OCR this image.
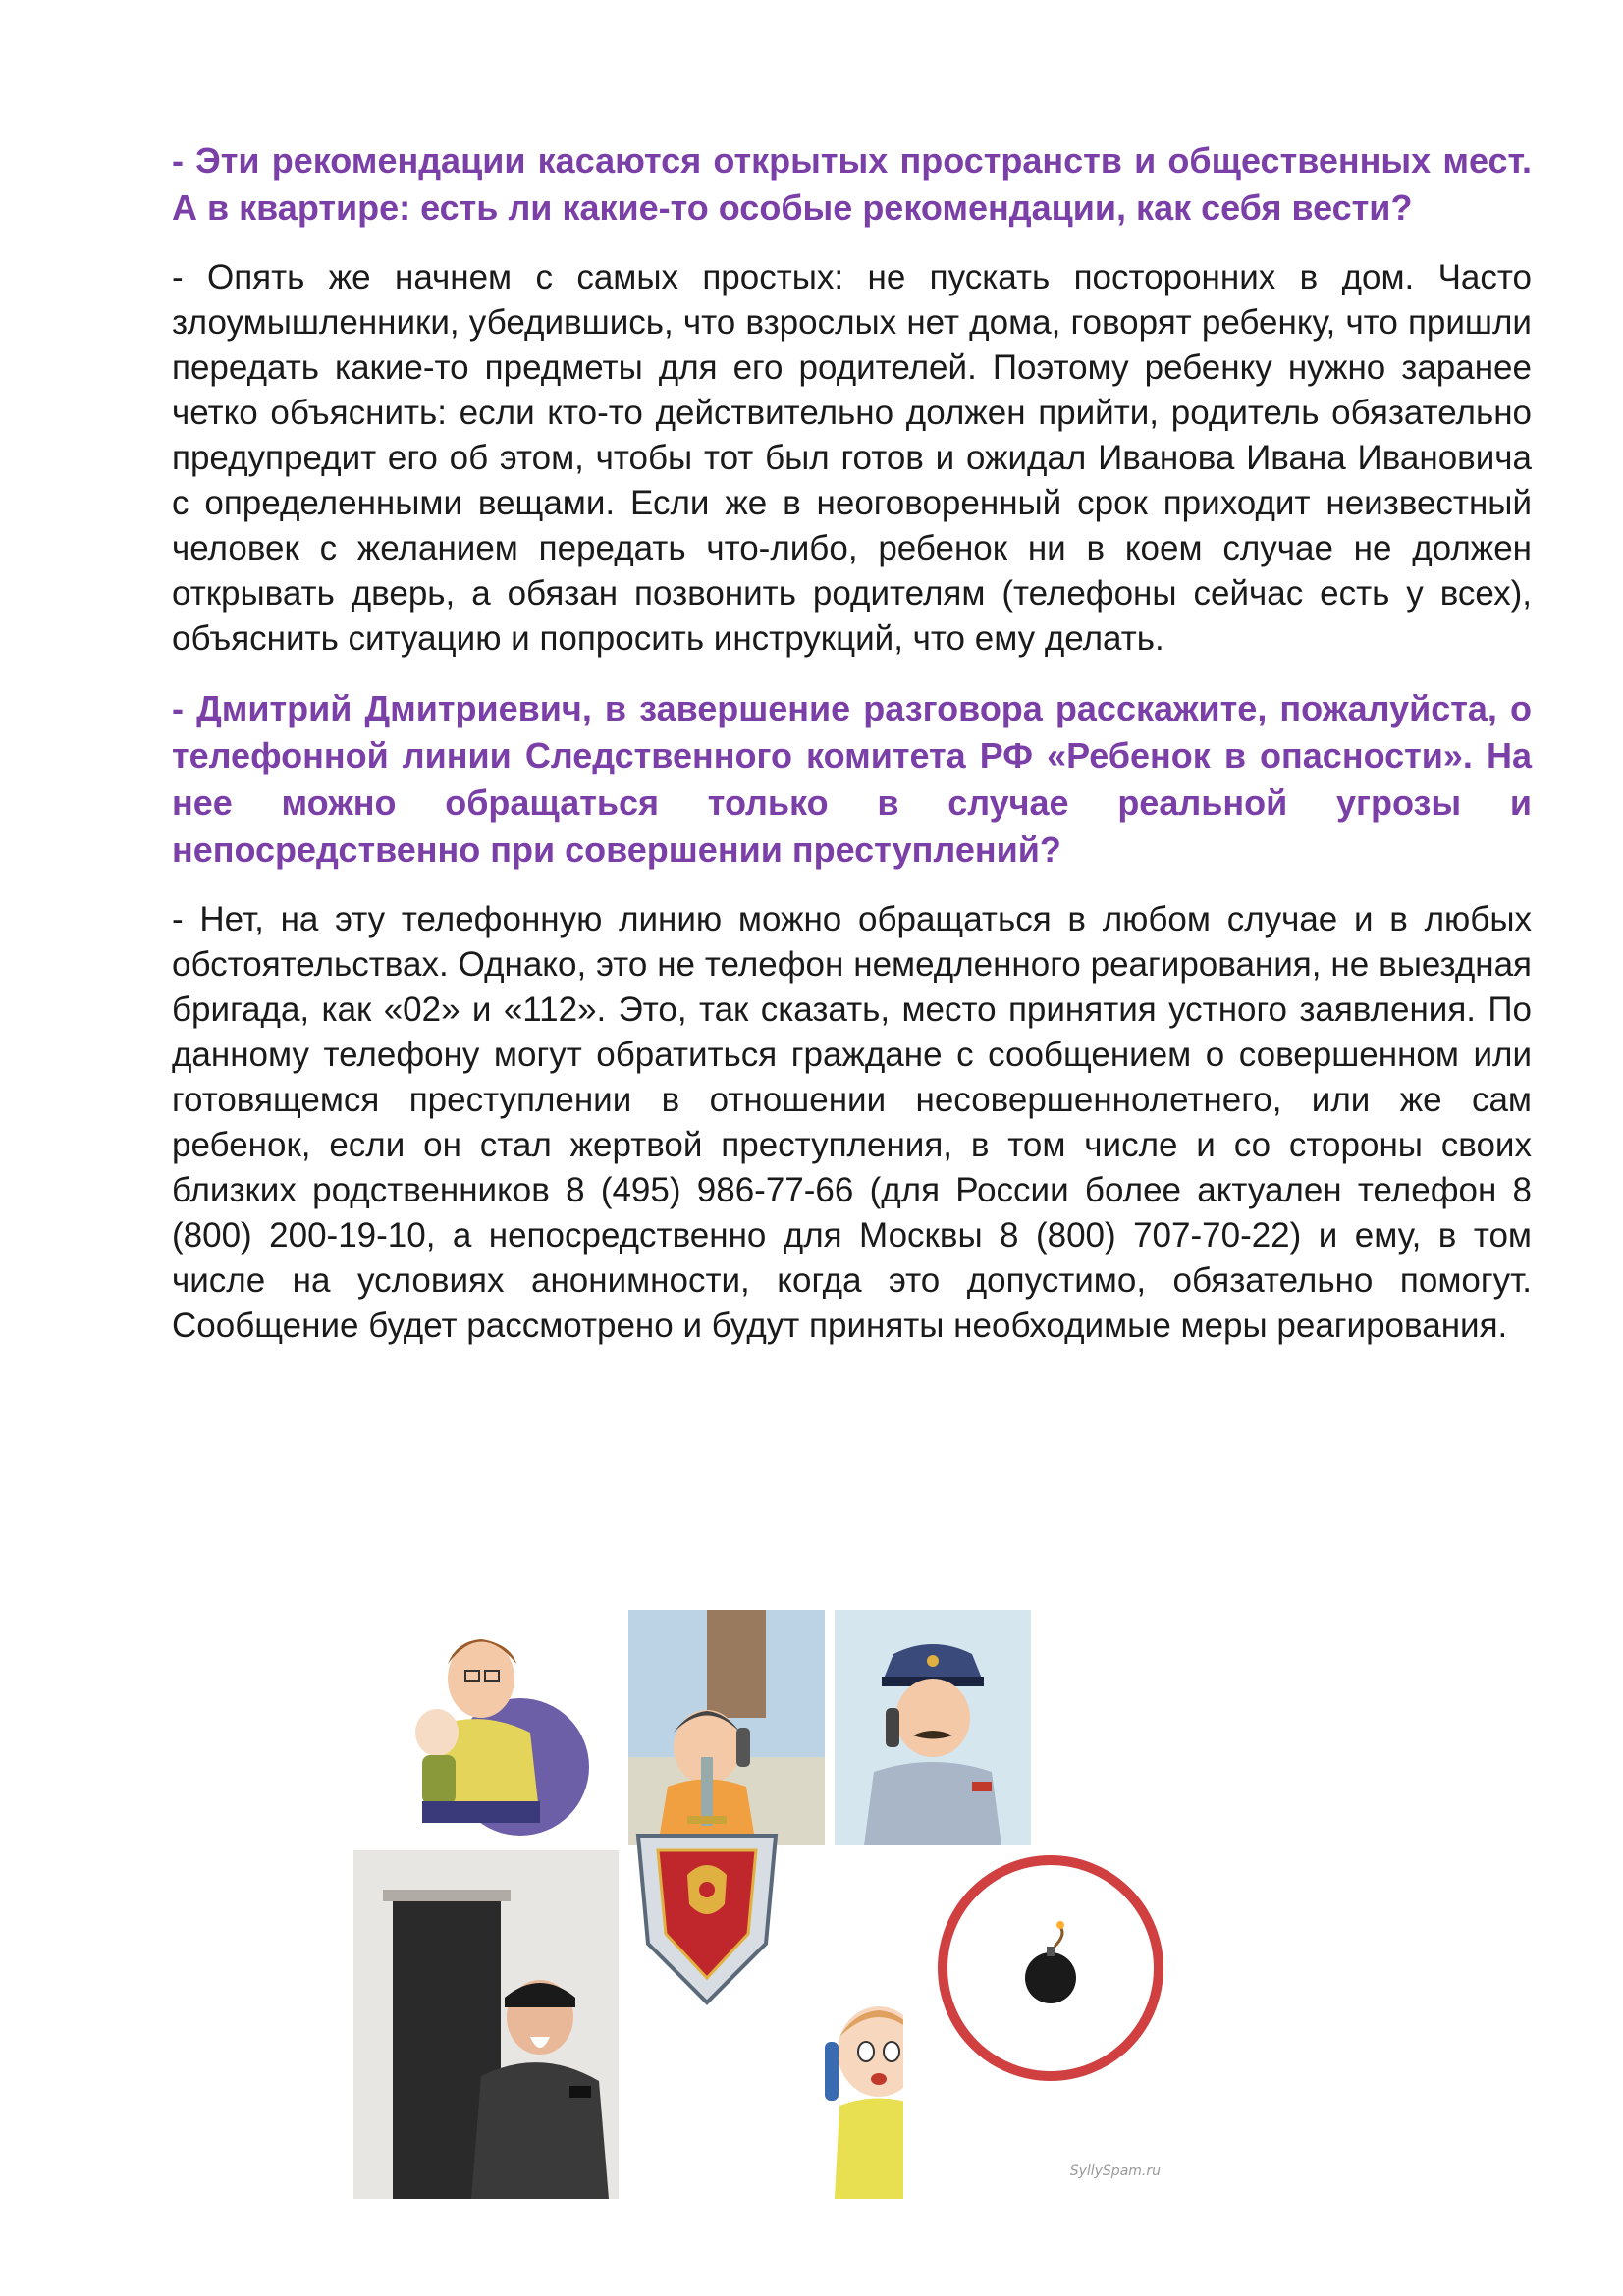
- Эти рекомендации касаются открытых пространств и общественных мест. А в квартире: есть ли какие-то особые рекомендации, как себя вести?

- Опять же начнем с самых простых: не пускать посторонних в дом. Часто злоумышленники, убедившись, что взрослых нет дома, говорят ребенку, что пришли передать какие-то предметы для его родителей. Поэтому ребенку нужно заранее четко объяснить: если кто-то действительно должен прийти, родитель обязательно предупредит его об этом, чтобы тот был готов и ожидал Иванова Ивана Ивановича с определенными вещами. Если же в неоговоренный срок приходит неизвестный человек с желанием передать что-либо, ребенок ни в коем случае не должен открывать дверь, а обязан позвонить родителям (телефоны сейчас есть у всех), объяснить ситуацию и попросить инструкций, что ему делать.

- Дмитрий Дмитриевич, в завершение разговора расскажите, пожалуйста, о телефонной линии Следственного комитета РФ «Ребенок в опасности». На нее можно обращаться только в случае реальной угрозы и непосредственно при совершении преступлений?

- Нет, на эту телефонную линию можно обращаться в любом случае и в любых обстоятельствах. Однако, это не телефон немедленного реагирования, не выездная бригада, как «02» и «112». Это, так сказать, место принятия устного заявления. По данному телефону могут обратиться граждане с сообщением о совершенном или готовящемся преступлении в отношении несовершеннолетнего, или же сам ребенок, если он стал жертвой преступления, в том числе и со стороны своих близких родственников 8 (495) 986-77-66 (для России более актуален телефон 8 (800) 200-19-10, а непосредственно для Москвы 8 (800) 707-70-22) и ему, в том числе на условиях анонимности, когда это допустимо, обязательно помогут. Сообщение будет рассмотрено и будут приняты необходимые меры реагирования.

SyllySpam.ru
